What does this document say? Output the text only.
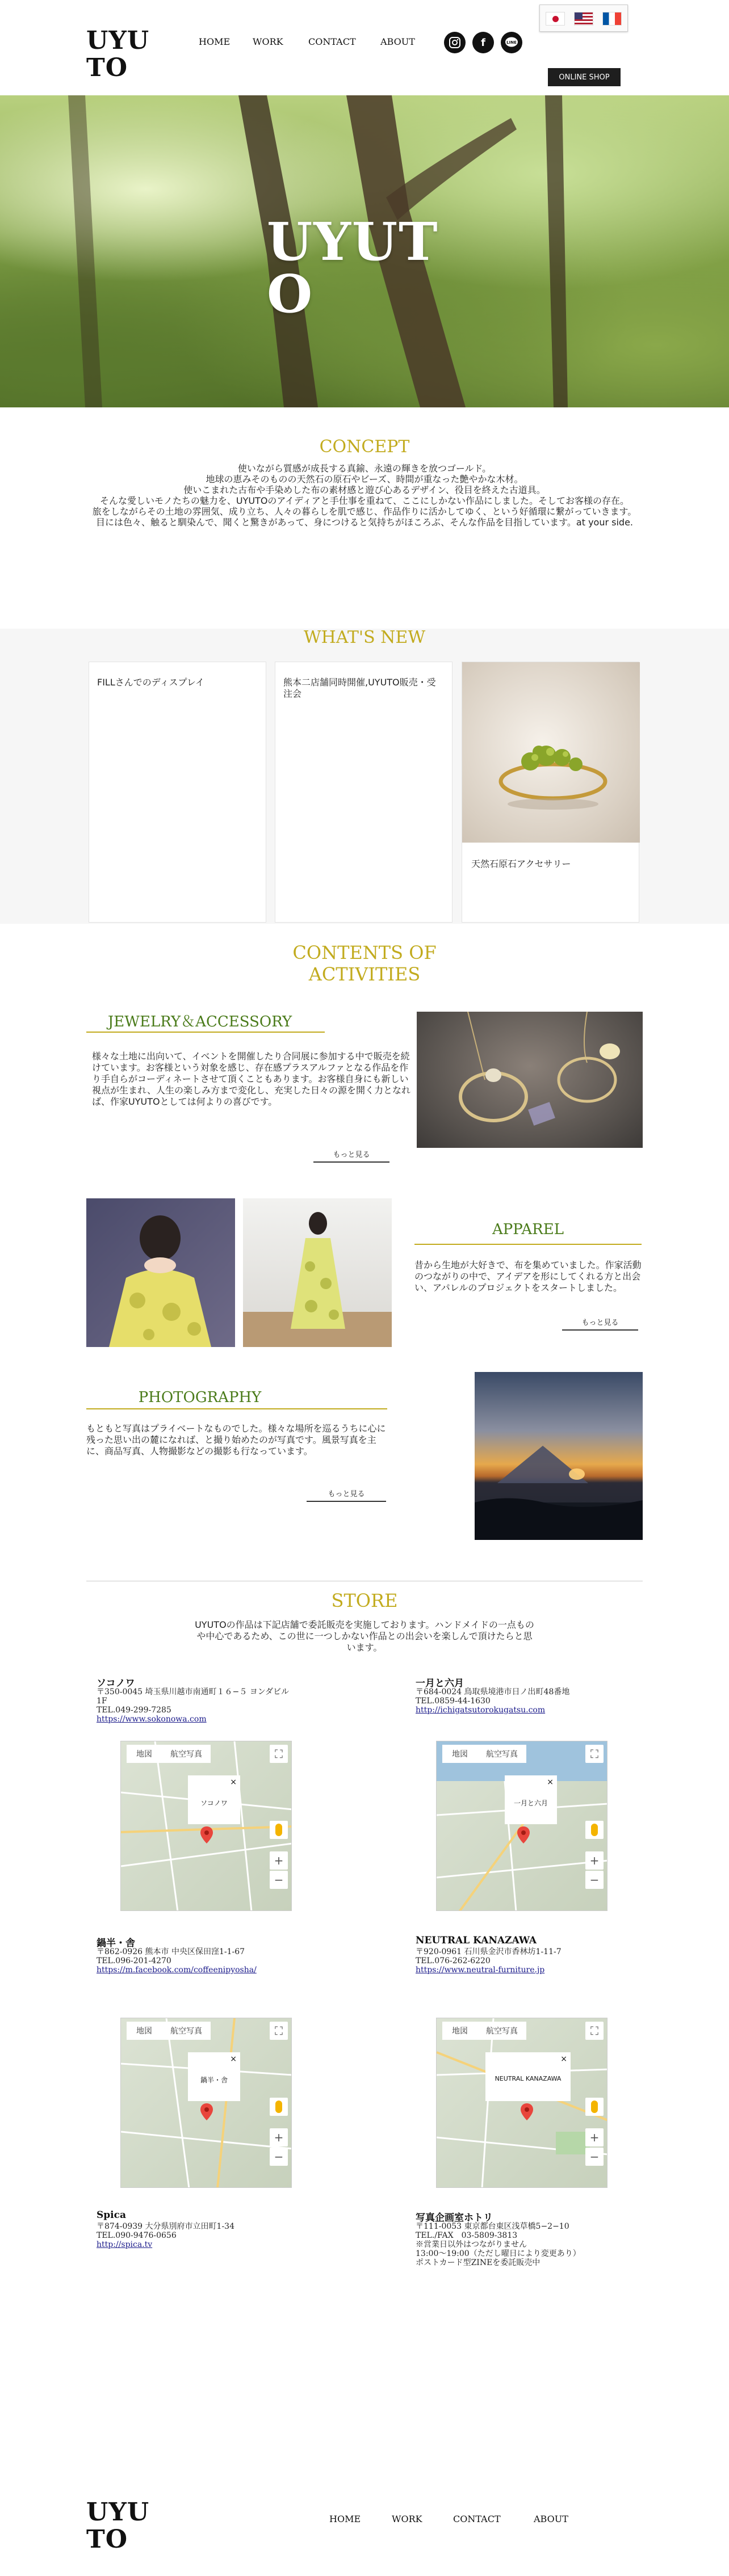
UYUTO
HOME WORK	CONTACT	ABOUT	f	LINE
ONLINE SHOP
UYUTO
CONCEPT
使いながら質感が成長する真鍮、永遠の輝きを放つゴールド。
地球の恵みそのものの天然石の原石やビーズ、時間が重なった艶やかな木材。
使いこまれた古布や手染めした布の素材感と遊び心あるデザイン、役目を終えた古道具。
そんな愛しいモノたちの魅力を、UYUTOのアイディアと手仕事を重ねて、ここにしかない作品にしました。そしてお客様の存在。
旅をしながらその土地の雰囲気、成り立ち、人々の暮らしを肌で感じ、作品作りに活かしてゆく、という好循環に繋がっていきます。
目には色々、触ると馴染んで、聞くと驚きがあって、身につけると気持ちがほころぶ、そんな作品を目指しています。at your side.
WHAT'S NEW
FILLさんでのディスプレイ	熊本二店舗同時開催,UYUTO販売・受注会
天然石原石アクセサリー
CONTENTS OF ACTIVITIES
JEWELRY＆ACCESSORY
様々な土地に出向いて、イベントを開催したり合同展に参加する中で販売を続けています。お客様という対象を感じ、存在感プラスアルファとなる作品を作り手自らがコーディネートさせて頂くこともあります。お客様自身にも新しい視点が生まれ、人生の楽しみ方まで変化し、充実した日々の源を開く力となれば、作家UYUTOとしては何よりの喜びです。
もっと見る
APPAREL
昔から生地が大好きで、布を集めていました。作家活動のつながりの中で、アイデアを形にしてくれる方と出会い、アパレルのプロジェクトをスタートしました。
もっと見る
PHOTOGRAPHY
もともと写真はプライベートなものでした。様々な場所を巡るうちに心に残った思い出の麓になれば、と撮り始めたのが写真です。風景写真を主に、商品写真、人物撮影などの撮影も行なっています。
もっと見る
STORE
UYUTOの作品は下記店舗で委託販売を実施しております。ハンドメイドの一点ものや中心であるため、この世に一つしかない作品との出会いを楽しんで頂けたらと思います。
ソコノワ
〒350-0045 埼玉県川越市南通町１６−５ ヨンダビル
1F
TEL.049-299-7285
https://www.sokonowa.com
一月と六月
〒684-0024 鳥取県境港市日ノ出町48番地
TEL.0859-44-1630
http://ichigatsutorokugatsu.com
地図	航空写真	⛶
ソコノワ
×
+
−
地図	航空写真	⛶
一月と六月
×
+
−
鍋半・舎
〒862-0926 熊本市 中央区保田窪1-1-67
TEL.096-201-4270
https://m.facebook.com/coffeenipyosha/
NEUTRAL KANAZAWA
〒920-0961 石川県金沢市香林坊1-11-7
TEL.076-262-6220
https://www.neutral-furniture.jp
地図	航空写真	⛶
鍋半・舎
×
+
−
地図	航空写真	⛶
NEUTRAL KANAZAWA
×
+
−
Spica
〒874-0939 大分県別府市立田町1-34
TEL.090-9476-0656
http://spica.tv
写真企画室ホトリ
〒111-0053 東京都台東区浅草橋5−2−10
TEL./FAX　03-5809-3813
※営業日以外はつながりません
13:00〜19:00（ただし曜日により変更あり）
ポストカード型ZINEを委託販売中
UYUTO
HOME	WORK	CONTACT	ABOUT
